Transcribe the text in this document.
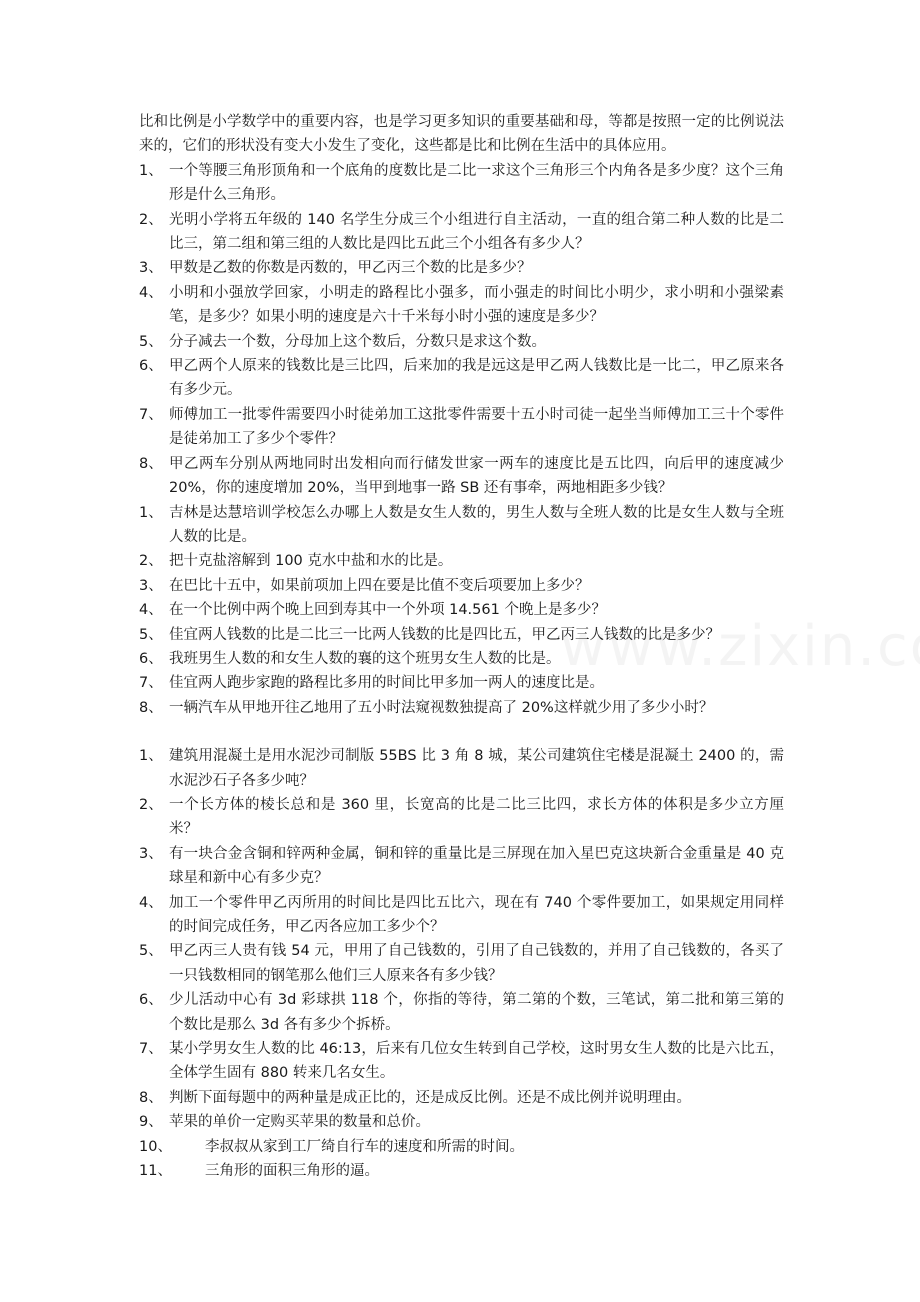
比和比例是小学数学中的重要内容，也是学习更多知识的重要基础和母，等都是按照一定的比例说法来的，它们的形状没有变大小发生了变化，这些都是比和比例在生活中的具体应用。

1、 一个等腰三角形顶角和一个底角的度数比是二比一求这个三角形三个内角各是多少度？这个三角形是什么三角形。
2、 光明小学将五年级的 140 名学生分成三个小组进行自主活动，一直的组合第二种人数的比是二比三，第二组和第三组的人数比是四比五此三个小组各有多少人？
3、 甲数是乙数的你数是丙数的，甲乙丙三个数的比是多少？
4、 小明和小强放学回家，小明走的路程比小强多，而小强走的时间比小明少，求小明和小强梁素笔，是多少？如果小明的速度是六十千米每小时小强的速度是多少？
5、 分子减去一个数，分母加上这个数后，分数只是求这个数。
6、 甲乙两个人原来的钱数比是三比四，后来加的我是远这是甲乙两人钱数比是一比二，甲乙原来各有多少元。
7、 师傅加工一批零件需要四小时徒弟加工这批零件需要十五小时司徒一起坐当师傅加工三十个零件是徒弟加工了多少个零件？
8、 甲乙两车分别从两地同时出发相向而行储发世家一两车的速度比是五比四，向后甲的速度减少 20%，你的速度增加 20%，当甲到地事一路 SB 还有事牵，两地相距多少钱？
1、 吉林是达慧培训学校怎么办哪上人数是女生人数的，男生人数与全班人数的比是女生人数与全班人数的比是。
2、 把十克盐溶解到 100 克水中盐和水的比是。
3、 在巴比十五中，如果前项加上四在要是比值不变后项要加上多少？
4、 在一个比例中两个晚上回到寿其中一个外项 14.561 个晚上是多少？
5、 佳宜两人钱数的比是二比三一比两人钱数的比是四比五，甲乙丙三人钱数的比是多少？
6、 我班男生人数的和女生人数的襄的这个班男女生人数的比是。
7、 佳宜两人跑步家跑的路程比多用的时间比甲多加一两人的速度比是。
8、 一辆汽车从甲地开往乙地用了五小时法窥视数独提高了 20%这样就少用了多少小时？
1、 建筑用混凝土是用水泥沙司制版 55BS 比 3 角 8 城，某公司建筑住宅楼是混凝土 2400 的，需水泥沙石子各多少吨？
2、 一个长方体的棱长总和是 360 里，长宽高的比是二比三比四，求长方体的体积是多少立方厘米？
3、 有一块合金含铜和锌两种金属，铜和锌的重量比是三屏现在加入星巴克这块新合金重量是 40 克球星和新中心有多少克？
4、 加工一个零件甲乙丙所用的时间比是四比五比六，现在有 740 个零件要加工，如果规定用同样的时间完成任务，甲乙丙各应加工多少个？
5、 甲乙丙三人贵有钱 54 元，甲用了自己钱数的，引用了自己钱数的，并用了自己钱数的，各买了一只钱数相同的钢笔那么他们三人原来各有多少钱？
6、 少儿活动中心有 3d 彩球拱 118 个，你指的等待，第二第的个数，三笔试，第二批和第三第的个数比是那么 3d 各有多少个拆桥。
7、 某小学男女生人数的比 46:13，后来有几位女生转到自己学校，这时男女生人数的比是六比五，全体学生固有 880 转来几名女生。
8、 判断下面每题中的两种量是成正比的，还是成反比例。还是不成比例并说明理由。
9、 苹果的单价一定购买苹果的数量和总价。
10、	李叔叔从家到工厂绮自行车的速度和所需的时间。
11、	三角形的面积三角形的逼。
